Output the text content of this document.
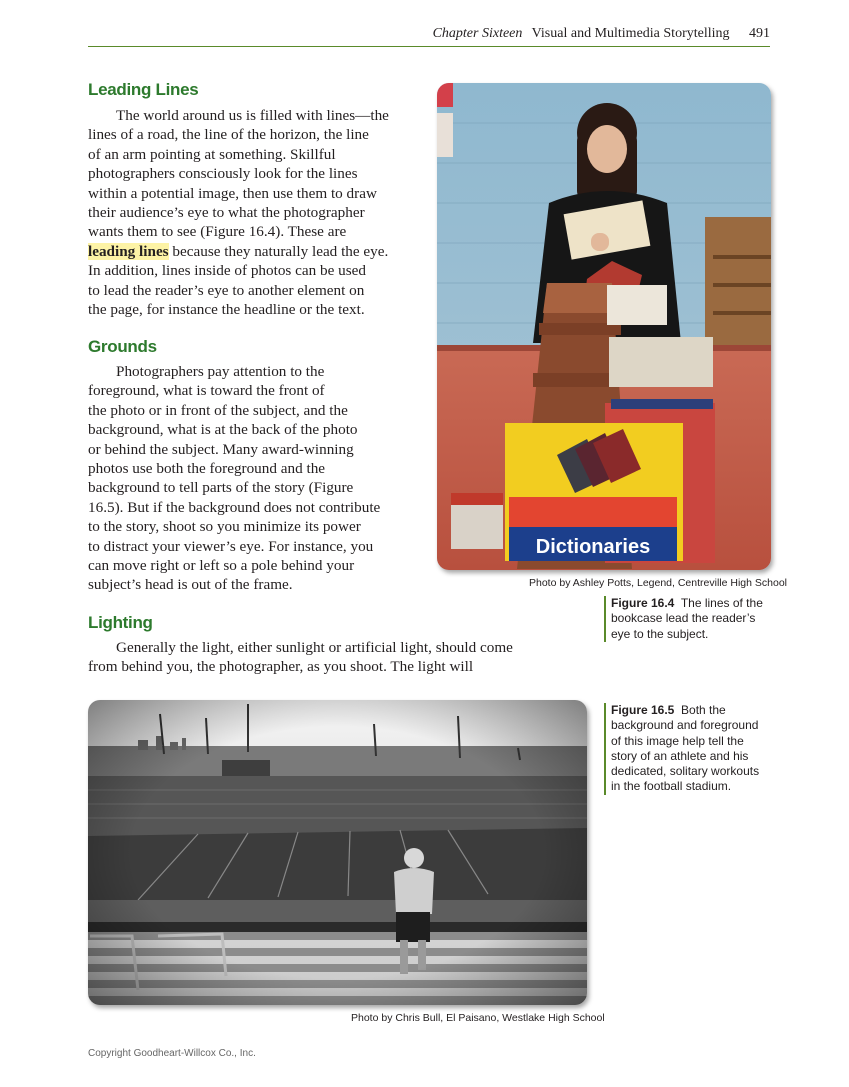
Chapter Sixteen Visual and Multimedia Storytelling 491
Leading Lines

The world around us is filled with lines—the
lines of a road, the line of the horizon, the line
of an arm pointing at something. Skillful
photographers consciously look for the lines
within a potential image, then use them to draw
their audience’s eye to what the photographer
wants them to see (Figure 16.4). These are
leading lines because they naturally lead the eye.
In addition, lines inside of photos can be used
to lead the reader’s eye to another element on
the page, for instance the headline or the text.

Grounds

Photographers pay attention to the
foreground, what is toward the front of
the photo or in front of the subject, and the
background, what is at the back of the photo
or behind the subject. Many award-winning
photos use both the foreground and the
background to tell parts of the story (Figure
16.5). But if the background does not contribute
to the story, shoot so you minimize its power
to distract your viewer’s eye. For instance, you
can move right or left so a pole behind your
subject’s head is out of the frame.

Lighting

Generally the light, either sunlight or artificial light, should come
from behind you, the photographer, as you shoot. The light will

Dictionaries
Photo by Ashley Potts, Legend, Centreville High School
Figure 16.4 The lines of the
bookcase lead the reader’s
eye to the subject.
Photo by Chris Bull, El Paisano, Westlake High School
Figure 16.5 Both the
background and foreground
of this image help tell the
story of an athlete and his
dedicated, solitary workouts
in the football stadium.
Copyright Goodheart-Willcox Co., Inc.
